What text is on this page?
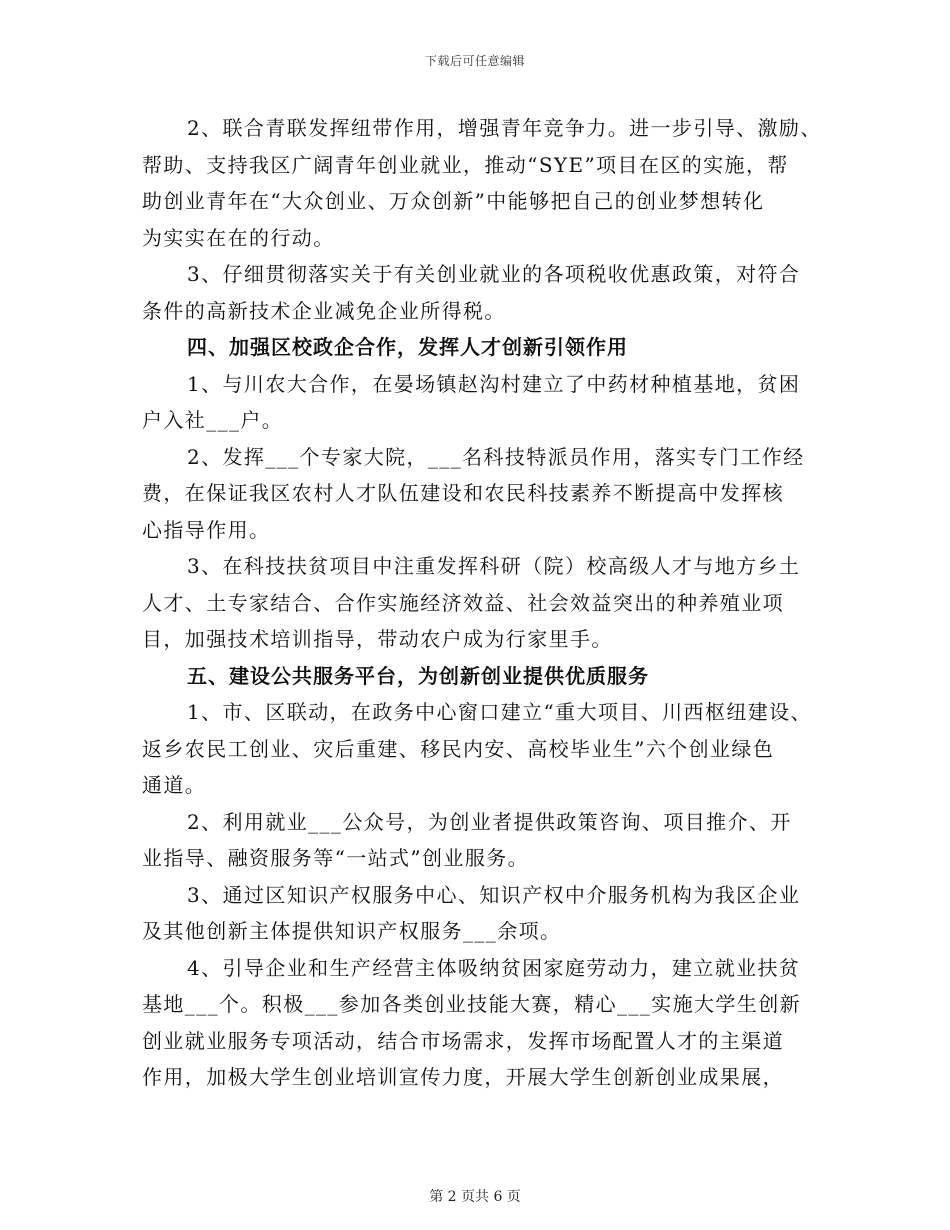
下载后可任意编辑
2、联合青联发挥纽带作用，增强青年竞争力。进一步引导、激励、
帮助、支持我区广阔青年创业就业，推动“SYE”项目在区的实施，帮
助创业青年在“大众创业、万众创新”中能够把自己的创业梦想转化
为实实在在的行动。
3、仔细贯彻落实关于有关创业就业的各项税收优惠政策，对符合
条件的高新技术企业减免企业所得税。
四、加强区校政企合作，发挥人才创新引领作用
1、与川农大合作，在晏场镇赵沟村建立了中药材种植基地，贫困
户入社___户。
2、发挥___个专家大院，___名科技特派员作用，落实专门工作经
费，在保证我区农村人才队伍建设和农民科技素养不断提高中发挥核
心指导作用。
3、在科技扶贫项目中注重发挥科研（院）校高级人才与地方乡土
人才、土专家结合、合作实施经济效益、社会效益突出的种养殖业项
目，加强技术培训指导，带动农户成为行家里手。
五、建设公共服务平台，为创新创业提供优质服务
1、市、区联动，在政务中心窗口建立“重大项目、川西枢纽建设、
返乡农民工创业、灾后重建、移民内安、高校毕业生”六个创业绿色
通道。
2、利用就业___公众号，为创业者提供政策咨询、项目推介、开
业指导、融资服务等“一站式”创业服务。
3、通过区知识产权服务中心、知识产权中介服务机构为我区企业
及其他创新主体提供知识产权服务___余项。
4、引导企业和生产经营主体吸纳贫困家庭劳动力，建立就业扶贫
基地___个。积极___参加各类创业技能大赛，精心___实施大学生创新
创业就业服务专项活动，结合市场需求，发挥市场配置人才的主渠道
作用，加极大学生创业培训宣传力度，开展大学生创新创业成果展，
第 2 页共 6 页
